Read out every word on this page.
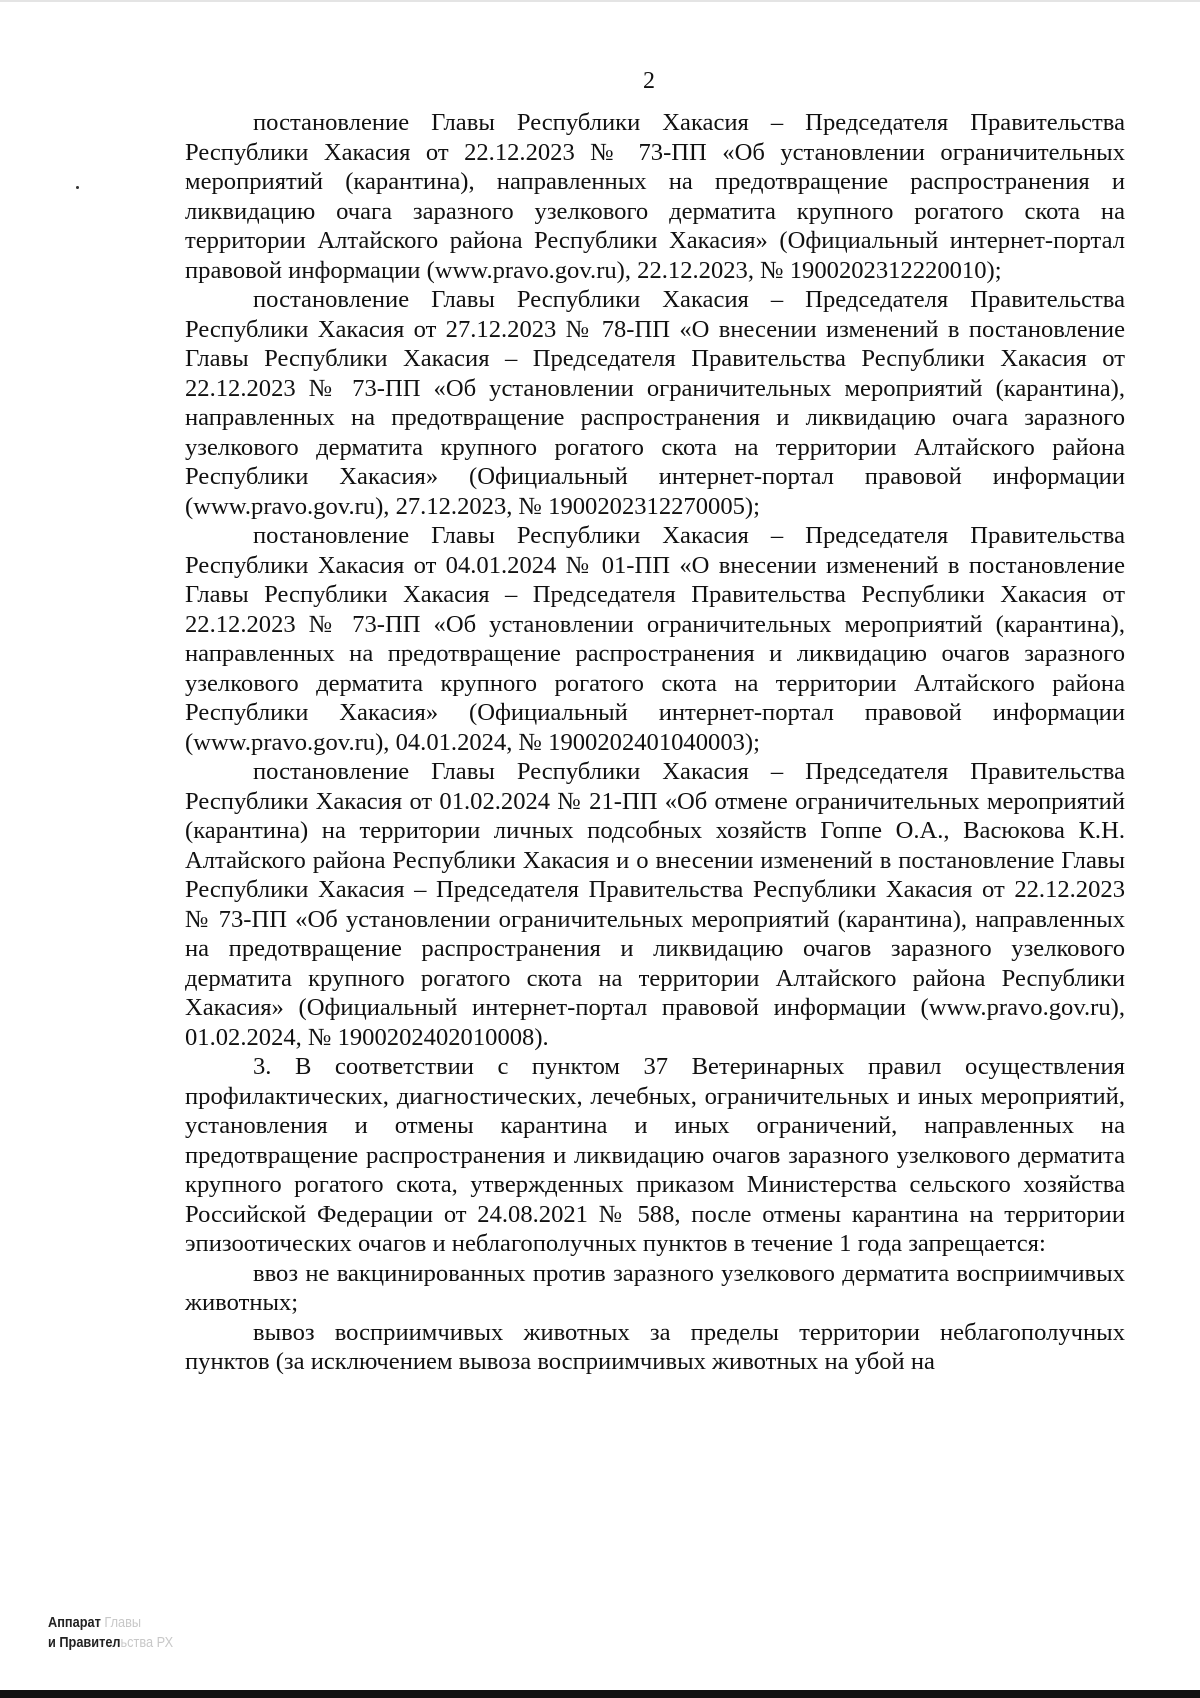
2

постановление Главы Республики Хакасия – Председателя Правительства Республики Хакасия от 22.12.2023 № 73-ПП «Об установлении ограничительных мероприятий (карантина), направленных на предотвращение распространения и ликвидацию очага заразного узелкового дерматита крупного рогатого скота на территории Алтайского района Республики Хакасия» (Официальный интернет-портал правовой информации (www.pravo.gov.ru), 22.12.2023, № 1900202312220010);

постановление Главы Республики Хакасия – Председателя Правительства Республики Хакасия от 27.12.2023 № 78-ПП «О внесении изменений в постановление Главы Республики Хакасия – Председателя Правительства Республики Хакасия от 22.12.2023 № 73-ПП «Об установлении ограничительных мероприятий (карантина), направленных на предотвращение распространения и ликвидацию очага заразного узелкового дерматита крупного рогатого скота на территории Алтайского района Республики Хакасия» (Официальный интернет-портал правовой информации (www.pravo.gov.ru), 27.12.2023, № 1900202312270005);

постановление Главы Республики Хакасия – Председателя Правительства Республики Хакасия от 04.01.2024 № 01-ПП «О внесении изменений в постановление Главы Республики Хакасия – Председателя Правительства Республики Хакасия от 22.12.2023 № 73-ПП «Об установлении ограничительных мероприятий (карантина), направленных на предотвращение распространения и ликвидацию очагов заразного узелкового дерматита крупного рогатого скота на территории Алтайского района Республики Хакасия» (Официальный интернет-портал правовой информации (www.pravo.gov.ru), 04.01.2024, № 1900202401040003);

постановление Главы Республики Хакасия – Председателя Правительства Республики Хакасия от 01.02.2024 № 21-ПП «Об отмене ограничительных мероприятий (карантина) на территории личных подсобных хозяйств Гоппе О.А., Васюкова К.Н. Алтайского района Республики Хакасия и о внесении изменений в постановление Главы Республики Хакасия – Председателя Правительства Республики Хакасия от 22.12.2023 № 73-ПП «Об установлении ограничительных мероприятий (карантина), направленных на предотвращение распространения и ликвидацию очагов заразного узелкового дерматита крупного рогатого скота на территории Алтайского района Республики Хакасия» (Официальный интернет-портал правовой информации (www.pravo.gov.ru), 01.02.2024, № 1900202402010008).

3. В соответствии с пунктом 37 Ветеринарных правил осуществления профилактических, диагностических, лечебных, ограничительных и иных мероприятий, установления и отмены карантина и иных ограничений, направленных на предотвращение распространения и ликвидацию очагов заразного узелкового дерматита крупного рогатого скота, утвержденных приказом Министерства сельского хозяйства Российской Федерации от 24.08.2021 № 588, после отмены карантина на территории эпизоотических очагов и неблагополучных пунктов в течение 1 года запрещается:

ввоз не вакцинированных против заразного узелкового дерматита восприимчивых животных;

вывоз восприимчивых животных за пределы территории неблагополучных пунктов (за исключением вывоза восприимчивых животных на убой на

Аппарат Главы
и Правительства РХ
